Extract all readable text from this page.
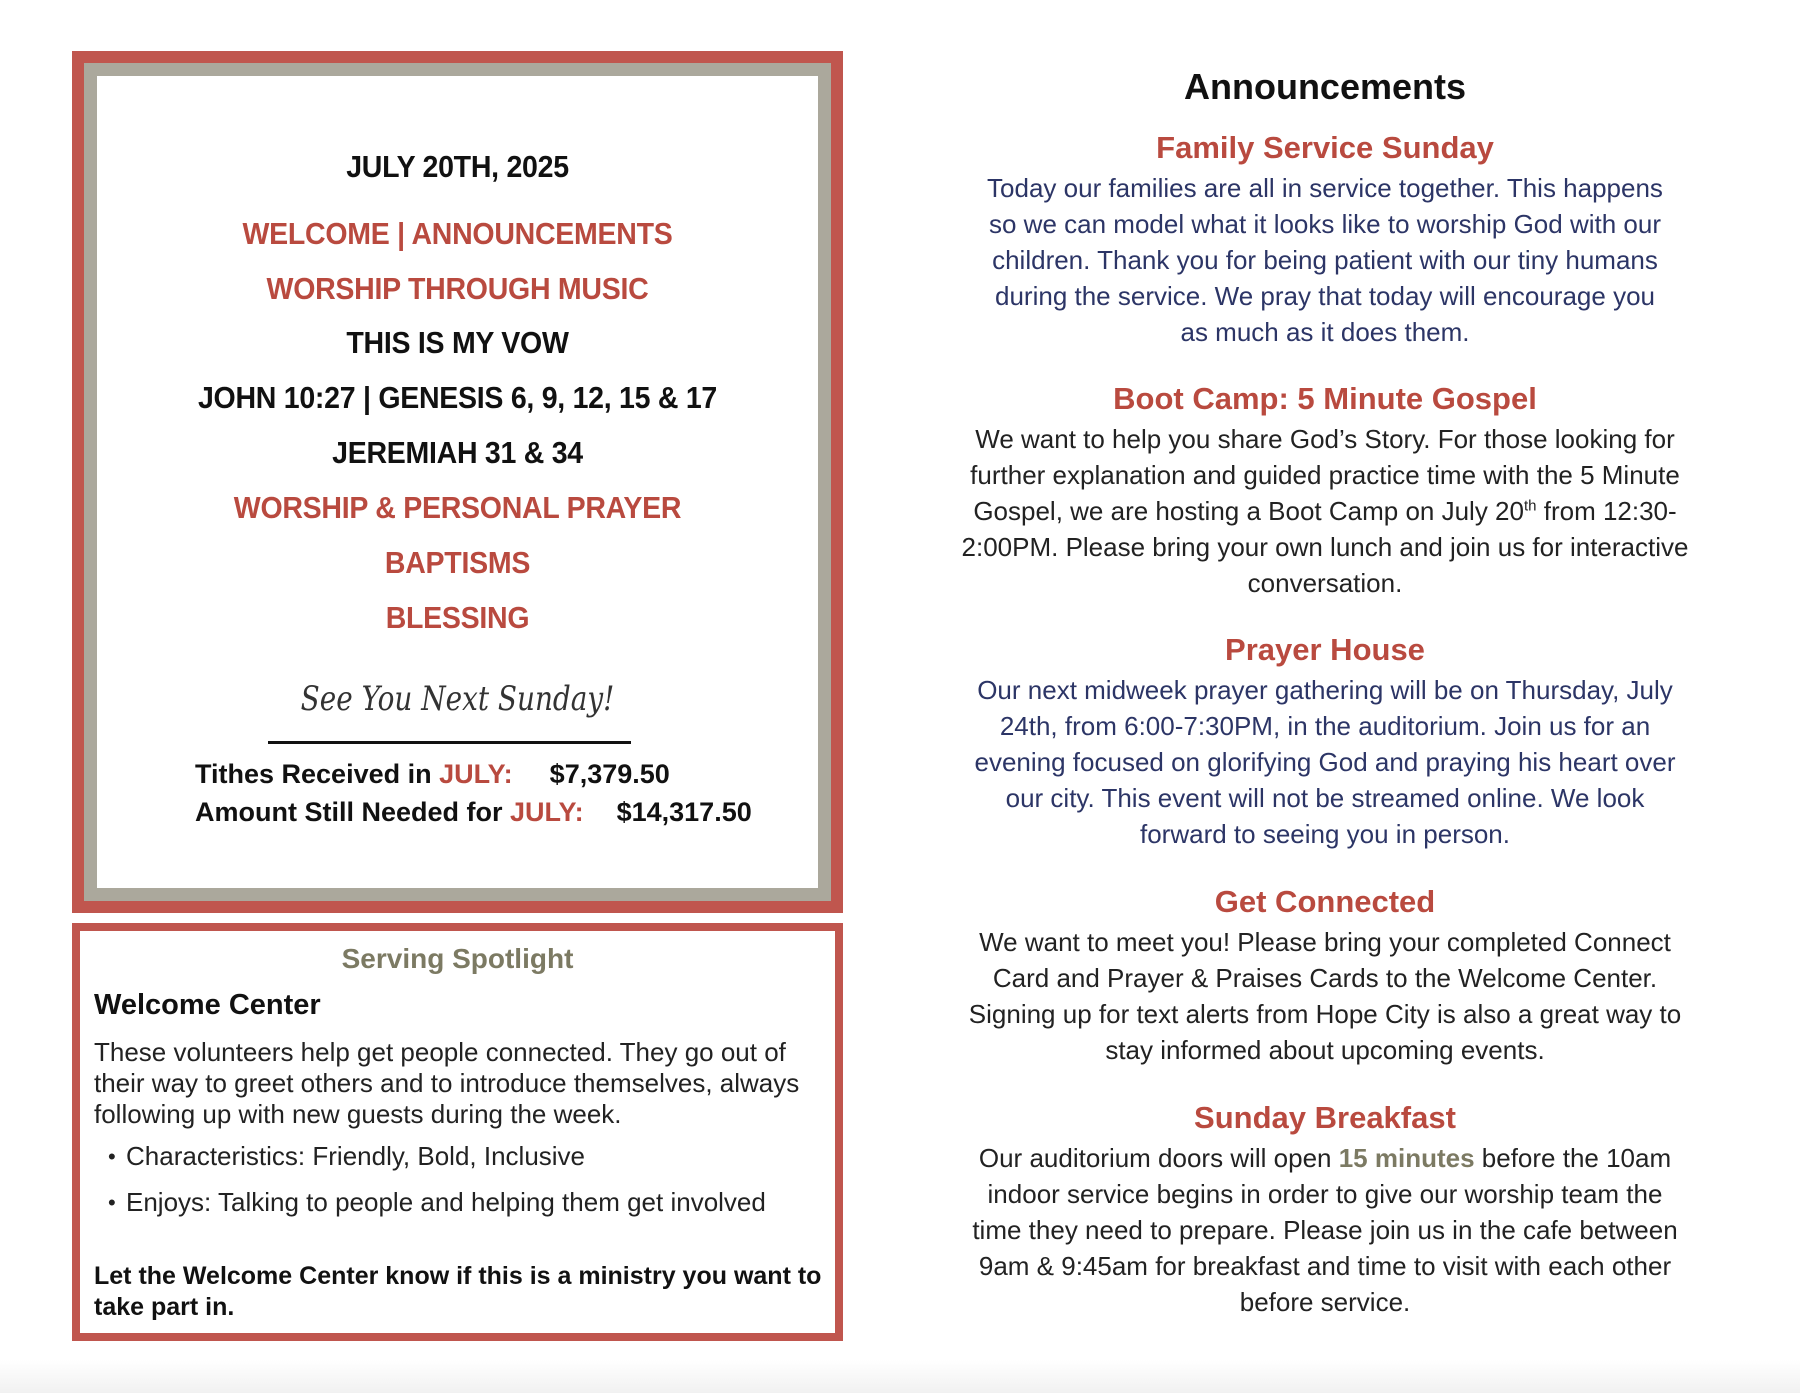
JULY 20TH, 2025
WELCOME | ANNOUNCEMENTS
WORSHIP THROUGH MUSIC
THIS IS MY VOW
JOHN 10:27 | GENESIS 6, 9, 12, 15 & 17
JEREMIAH 31 & 34
WORSHIP & PERSONAL PRAYER
BAPTISMS
BLESSING
See You Next Sunday!
Tithes Received in JULY: $7,379.50
Amount Still Needed for JULY: $14,317.50
Serving Spotlight
Welcome Center
These volunteers help get people connected. They go out of their way to greet others and to introduce themselves, always following up with new guests during the week.
• Characteristics: Friendly, Bold, Inclusive
• Enjoys: Talking to people and helping them get involved
Let the Welcome Center know if this is a ministry you want to take part in.
Announcements
Family Service Sunday
Today our families are all in service together. This happens so we can model what it looks like to worship God with our children. Thank you for being patient with our tiny humans during the service. We pray that today will encourage you as much as it does them.
Boot Camp: 5 Minute Gospel
We want to help you share God’s Story. For those looking for further explanation and guided practice time with the 5 Minute Gospel, we are hosting a Boot Camp on July 20th from 12:30-2:00PM. Please bring your own lunch and join us for interactive conversation.
Prayer House
Our next midweek prayer gathering will be on Thursday, July 24th, from 6:00-7:30PM, in the auditorium. Join us for an evening focused on glorifying God and praying his heart over our city. This event will not be streamed online. We look forward to seeing you in person.
Get Connected
We want to meet you! Please bring your completed Connect Card and Prayer & Praises Cards to the Welcome Center. Signing up for text alerts from Hope City is also a great way to stay informed about upcoming events.
Sunday Breakfast
Our auditorium doors will open 15 minutes before the 10am indoor service begins in order to give our worship team the time they need to prepare. Please join us in the cafe between 9am & 9:45am for breakfast and time to visit with each other before service.
